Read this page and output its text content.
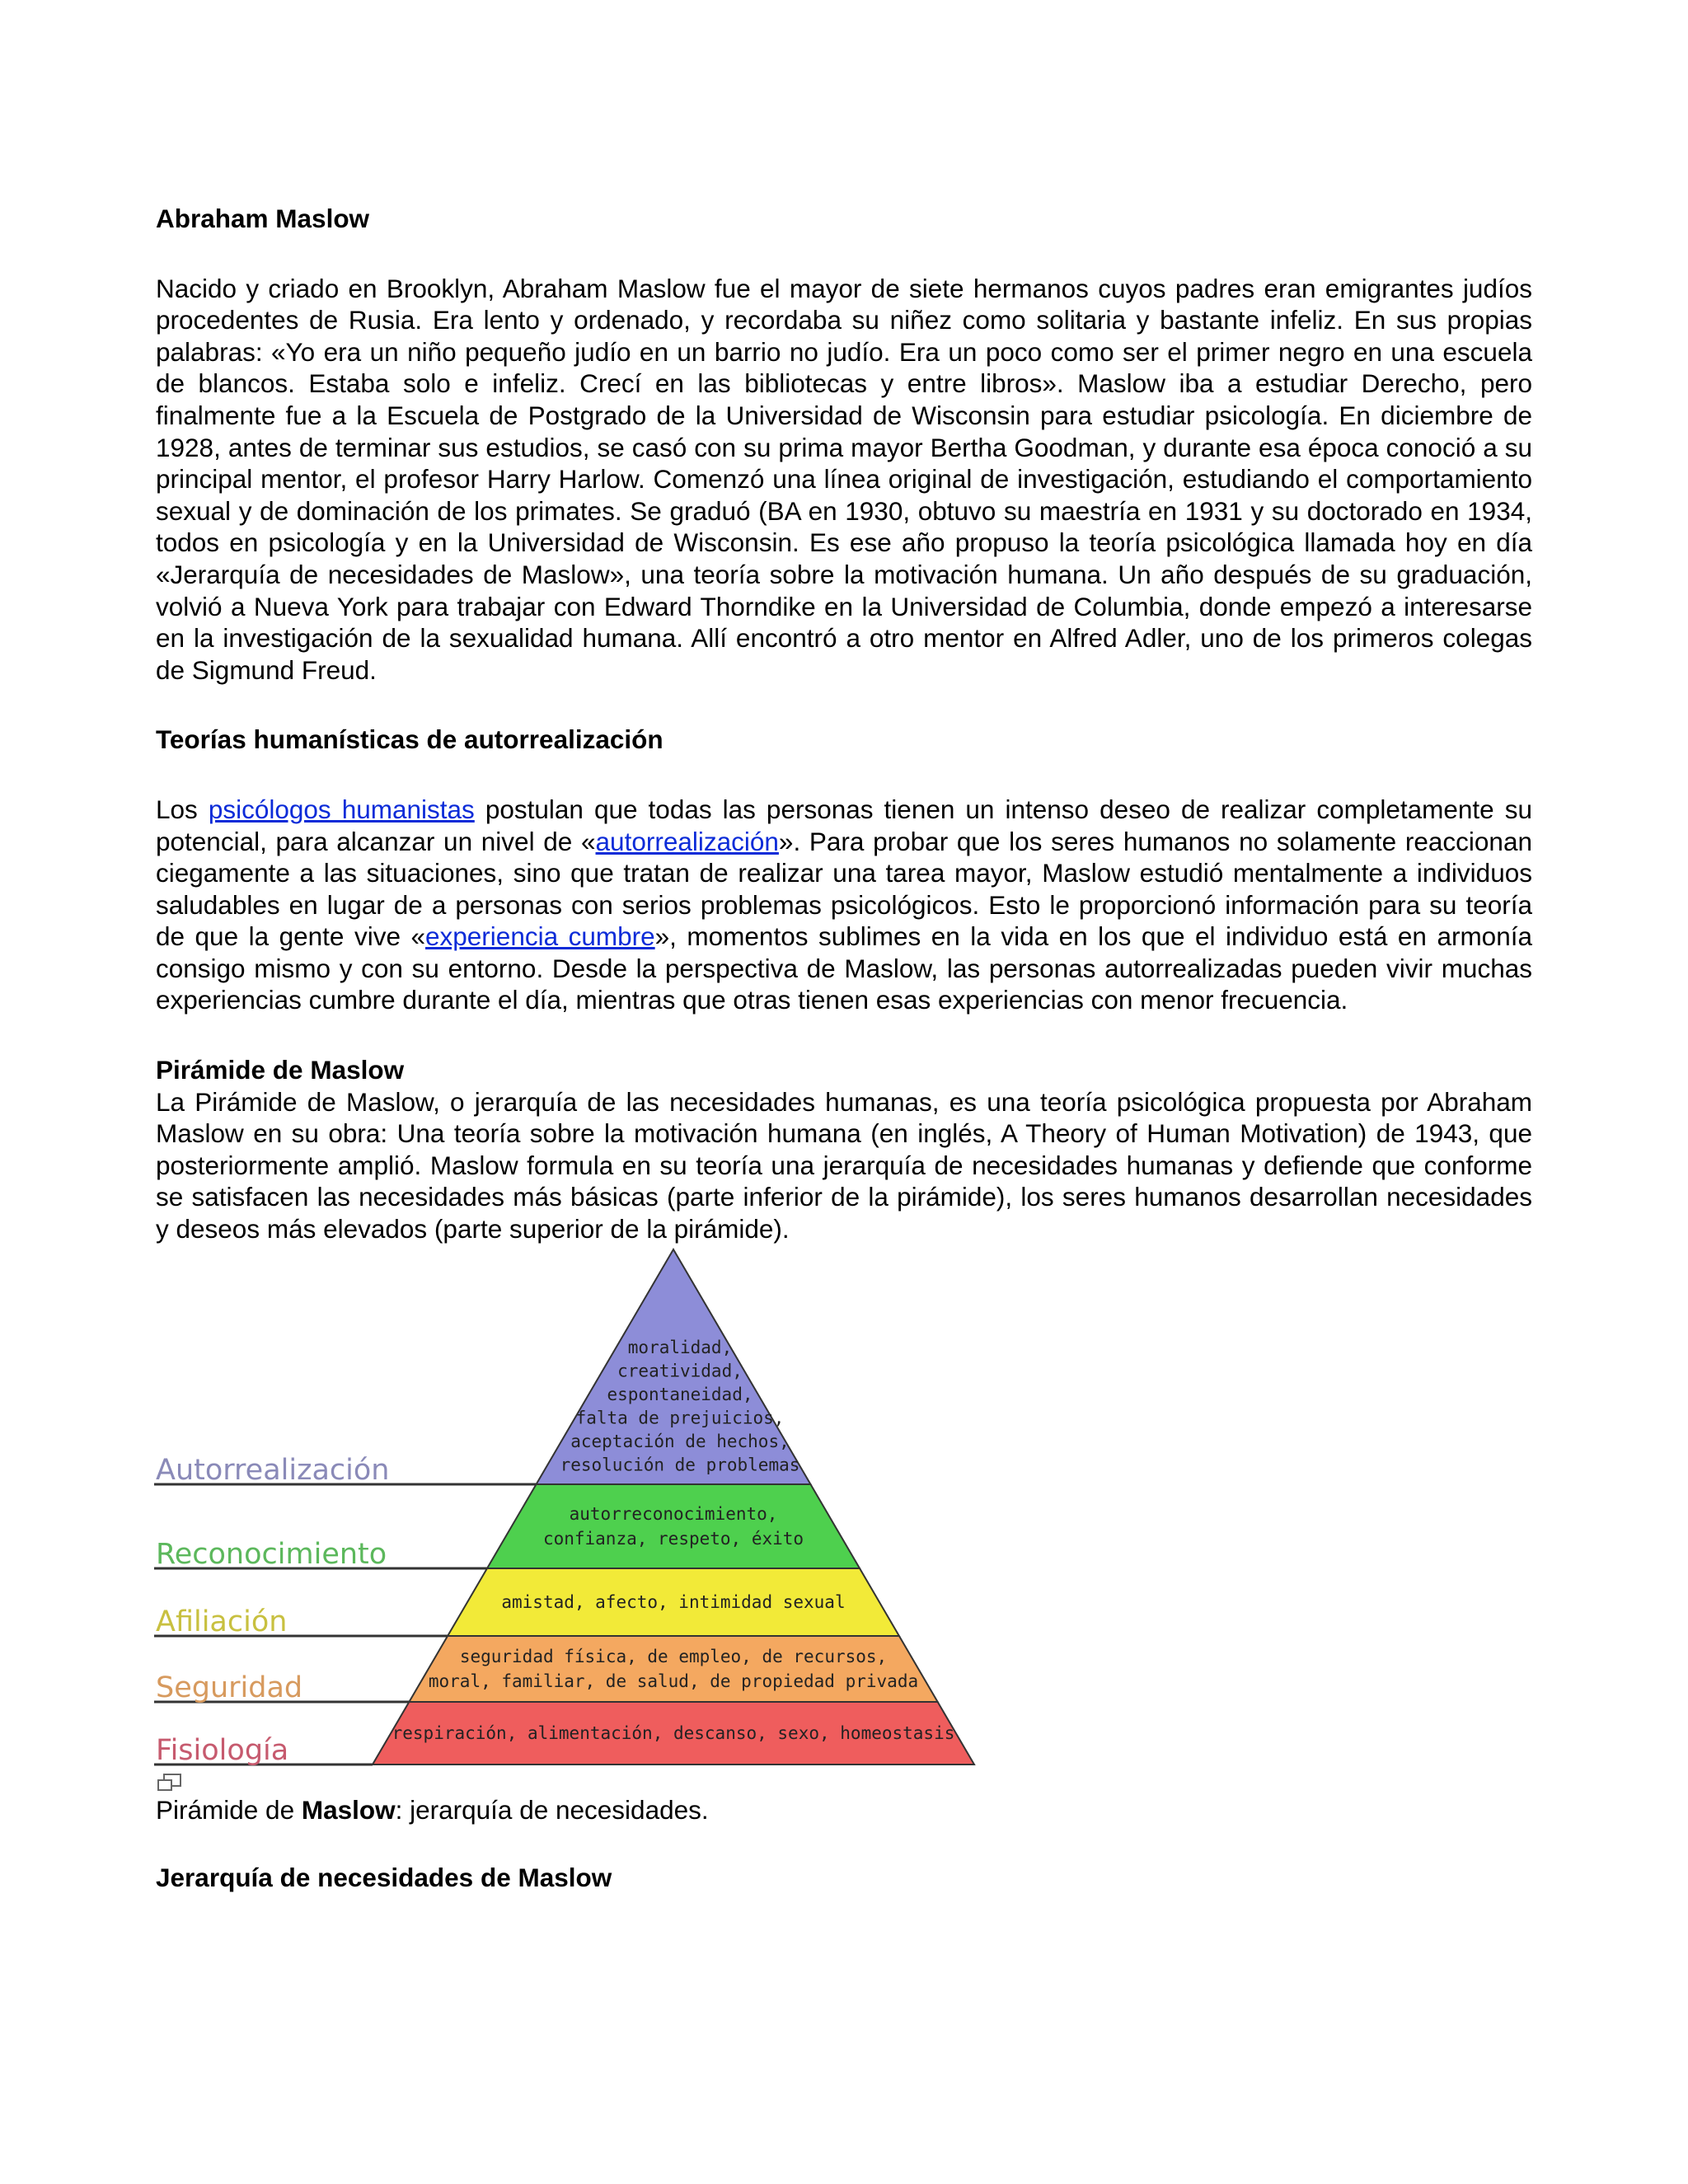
Abraham Maslow

Nacido y criado en Brooklyn, Abraham Maslow fue el mayor de siete hermanos cuyos padres eran emigrantes judíos procedentes de Rusia. Era lento y ordenado, y recordaba su niñez como solitaria y bastante infeliz. En sus propias palabras: «Yo era un niño pequeño judío en un barrio no judío. Era un poco como ser el primer negro en una escuela de blancos. Estaba solo e infeliz. Crecí en las bibliotecas y entre libros». Maslow iba a estudiar Derecho, pero finalmente fue a la Escuela de Postgrado de la Universidad de Wisconsin para estudiar psicología. En diciembre de 1928, antes de terminar sus estudios, se casó con su prima mayor Bertha Goodman, y durante esa época conoció a su principal mentor, el profesor Harry Harlow. Comenzó una línea original de investigación, estudiando el comportamiento sexual y de dominación de los primates. Se graduó (BA en 1930, obtuvo su maestría en 1931 y su doctorado en 1934, todos en psicología y en la Universidad de Wisconsin. Es ese año propuso la teoría psicológica llamada hoy en día «Jerarquía de necesidades de Maslow», una teoría sobre la motivación humana. Un año después de su graduación, volvió a Nueva York para trabajar con Edward Thorndike en la Universidad de Columbia, donde empezó a interesarse en la investigación de la sexualidad humana. Allí encontró a otro mentor en Alfred Adler, uno de los primeros colegas de Sigmund Freud.

Teorías humanísticas de autorrealización

Los psicólogos humanistas postulan que todas las personas tienen un intenso deseo de realizar completamente su potencial, para alcanzar un nivel de «autorrealización». Para probar que los seres humanos no solamente reaccionan ciegamente a las situaciones, sino que tratan de realizar una tarea mayor, Maslow estudió mentalmente a individuos saludables en lugar de a personas con serios problemas psicológicos. Esto le proporcionó información para su teoría de que la gente vive «experiencia cumbre», momentos sublimes en la vida en los que el individuo está en armonía consigo mismo y con su entorno. Desde la perspectiva de Maslow, las personas autorrealizadas pueden vivir muchas experiencias cumbre durante el día, mientras que otras tienen esas experiencias con menor frecuencia.

Pirámide de Maslow

La Pirámide de Maslow, o jerarquía de las necesidades humanas, es una teoría psicológica propuesta por Abraham Maslow en su obra: Una teoría sobre la motivación humana (en inglés, A Theory of Human Motivation) de 1943, que posteriormente amplió. Maslow formula en su teoría una jerarquía de necesidades humanas y defiende que conforme se satisfacen las necesidades más básicas (parte inferior de la pirámide), los seres humanos desarrollan necesidades y deseos más elevados (parte superior de la pirámide).

Autorrealización
moralidad,
creatividad,
espontaneidad,
falta de prejuicios,
aceptación de hechos,
resolución de problemas
Reconocimiento
autorreconocimiento,
confianza, respeto, éxito
Afiliación
amistad, afecto, intimidad sexual
Seguridad
seguridad física, de empleo, de recursos,
moral, familiar, de salud, de propiedad privada
Fisiología
respiración, alimentación, descanso, sexo, homeostasis

Pirámide de Maslow: jerarquía de necesidades.

Jerarquía de necesidades de Maslow
